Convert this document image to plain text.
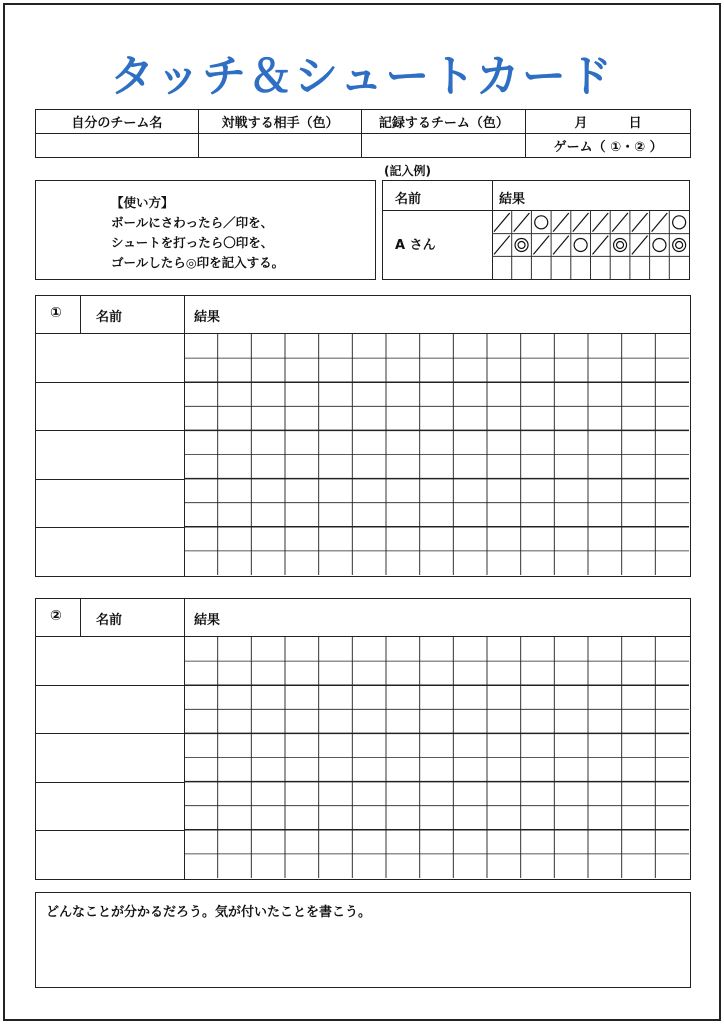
タッチ＆シュートカード
自分のチーム名	対戦する相手（色）	記録するチーム（色）	月 日
			ゲーム（ ①・② ）
【使い方】
ボールにさわったら／印を、
シュートを打ったら〇印を、
ゴールしたら◎印を記入する。
(記入例)
名前	結果
A さん
①	名前	結果
②	名前	結果
どんなことが分かるだろう。気が付いたことを書こう。
